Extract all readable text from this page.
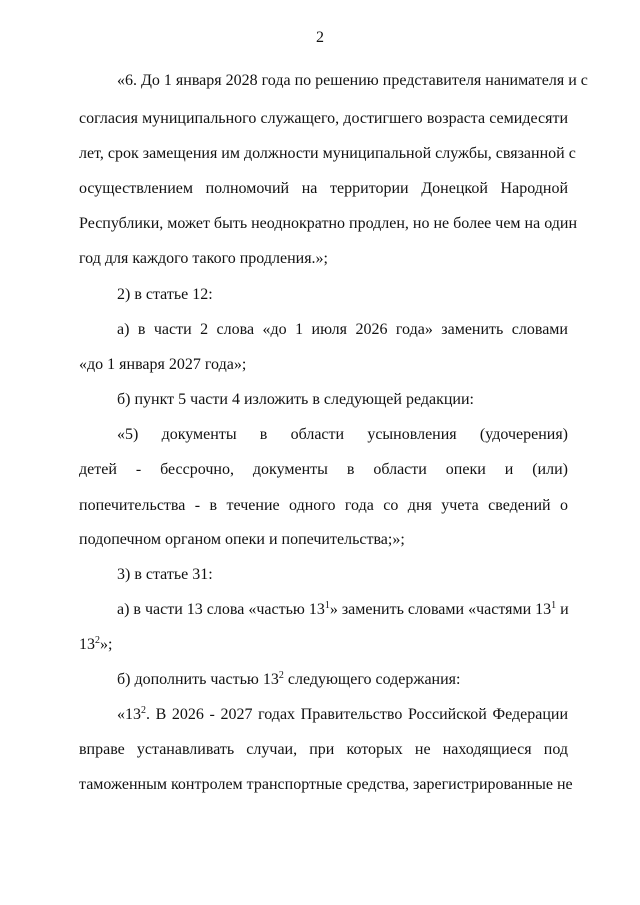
2
«6. До 1 января 2028 года по решению представителя нанимателя и с
согласия муниципального служащего, достигшего возраста семидесяти
лет, срок замещения им должности муниципальной службы, связанной с
осуществлением полномочий на территории Донецкой Народной
Республики, может быть неоднократно продлен, но не более чем на один
год для каждого такого продления.»;
2) в статье 12:
а) в части 2 слова «до 1 июля 2026 года» заменить словами
«до 1 января 2027 года»;
б) пункт 5 части 4 изложить в следующей редакции:
«5) документы в области усыновления (удочерения)
детей - бессрочно, документы в области опеки и (или)
попечительства - в течение одного года со дня учета сведений о
подопечном органом опеки и попечительства;»;
3) в статье 31:
а) в части 13 слова «частью $13^1$» заменить словами «частями $13^1$ и
$13^2$»;
б) дополнить частью $13^2$ следующего содержания:
«$13^2$. В 2026 - 2027 годах Правительство Российской Федерации
вправе устанавливать случаи, при которых не находящиеся под
таможенным контролем транспортные средства, зарегистрированные не
